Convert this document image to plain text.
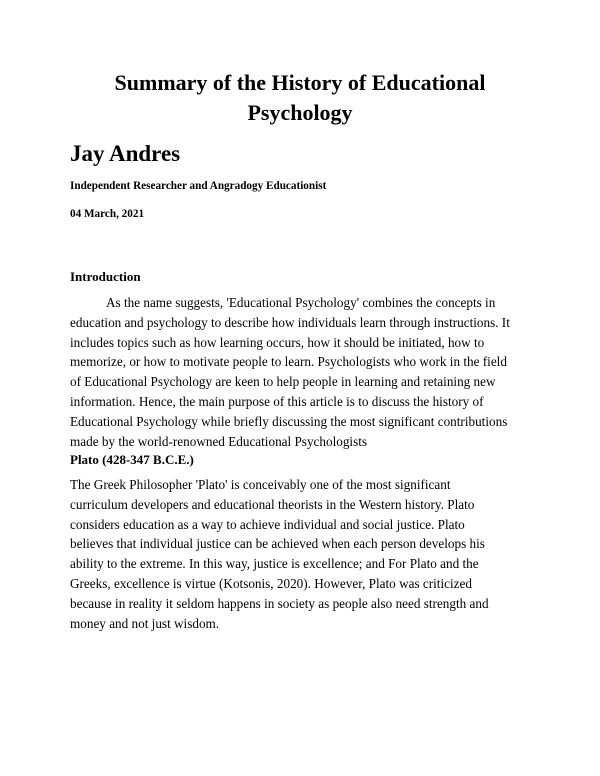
Summary of the History of Educational
Psychology
Jay Andres
Independent Researcher and Angradogy Educationist
04 March, 2021
Introduction

As the name suggests, 'Educational Psychology' combines the concepts in
education and psychology to describe how individuals learn through instructions. It
includes topics such as how learning occurs, how it should be initiated, how to
memorize, or how to motivate people to learn. Psychologists who work in the field
of Educational Psychology are keen to help people in learning and retaining new
information. Hence, the main purpose of this article is to discuss the history of
Educational Psychology while briefly discussing the most significant contributions
made by the world-renowned Educational Psychologists

Plato (428-347 B.C.E.)

The Greek Philosopher 'Plato' is conceivably one of the most significant
curriculum developers and educational theorists in the Western history. Plato
considers education as a way to achieve individual and social justice. Plato
believes that individual justice can be achieved when each person develops his
ability to the extreme. In this way, justice is excellence; and For Plato and the
Greeks, excellence is virtue (Kotsonis, 2020). However, Plato was criticized
because in reality it seldom happens in society as people also need strength and
money and not just wisdom.
